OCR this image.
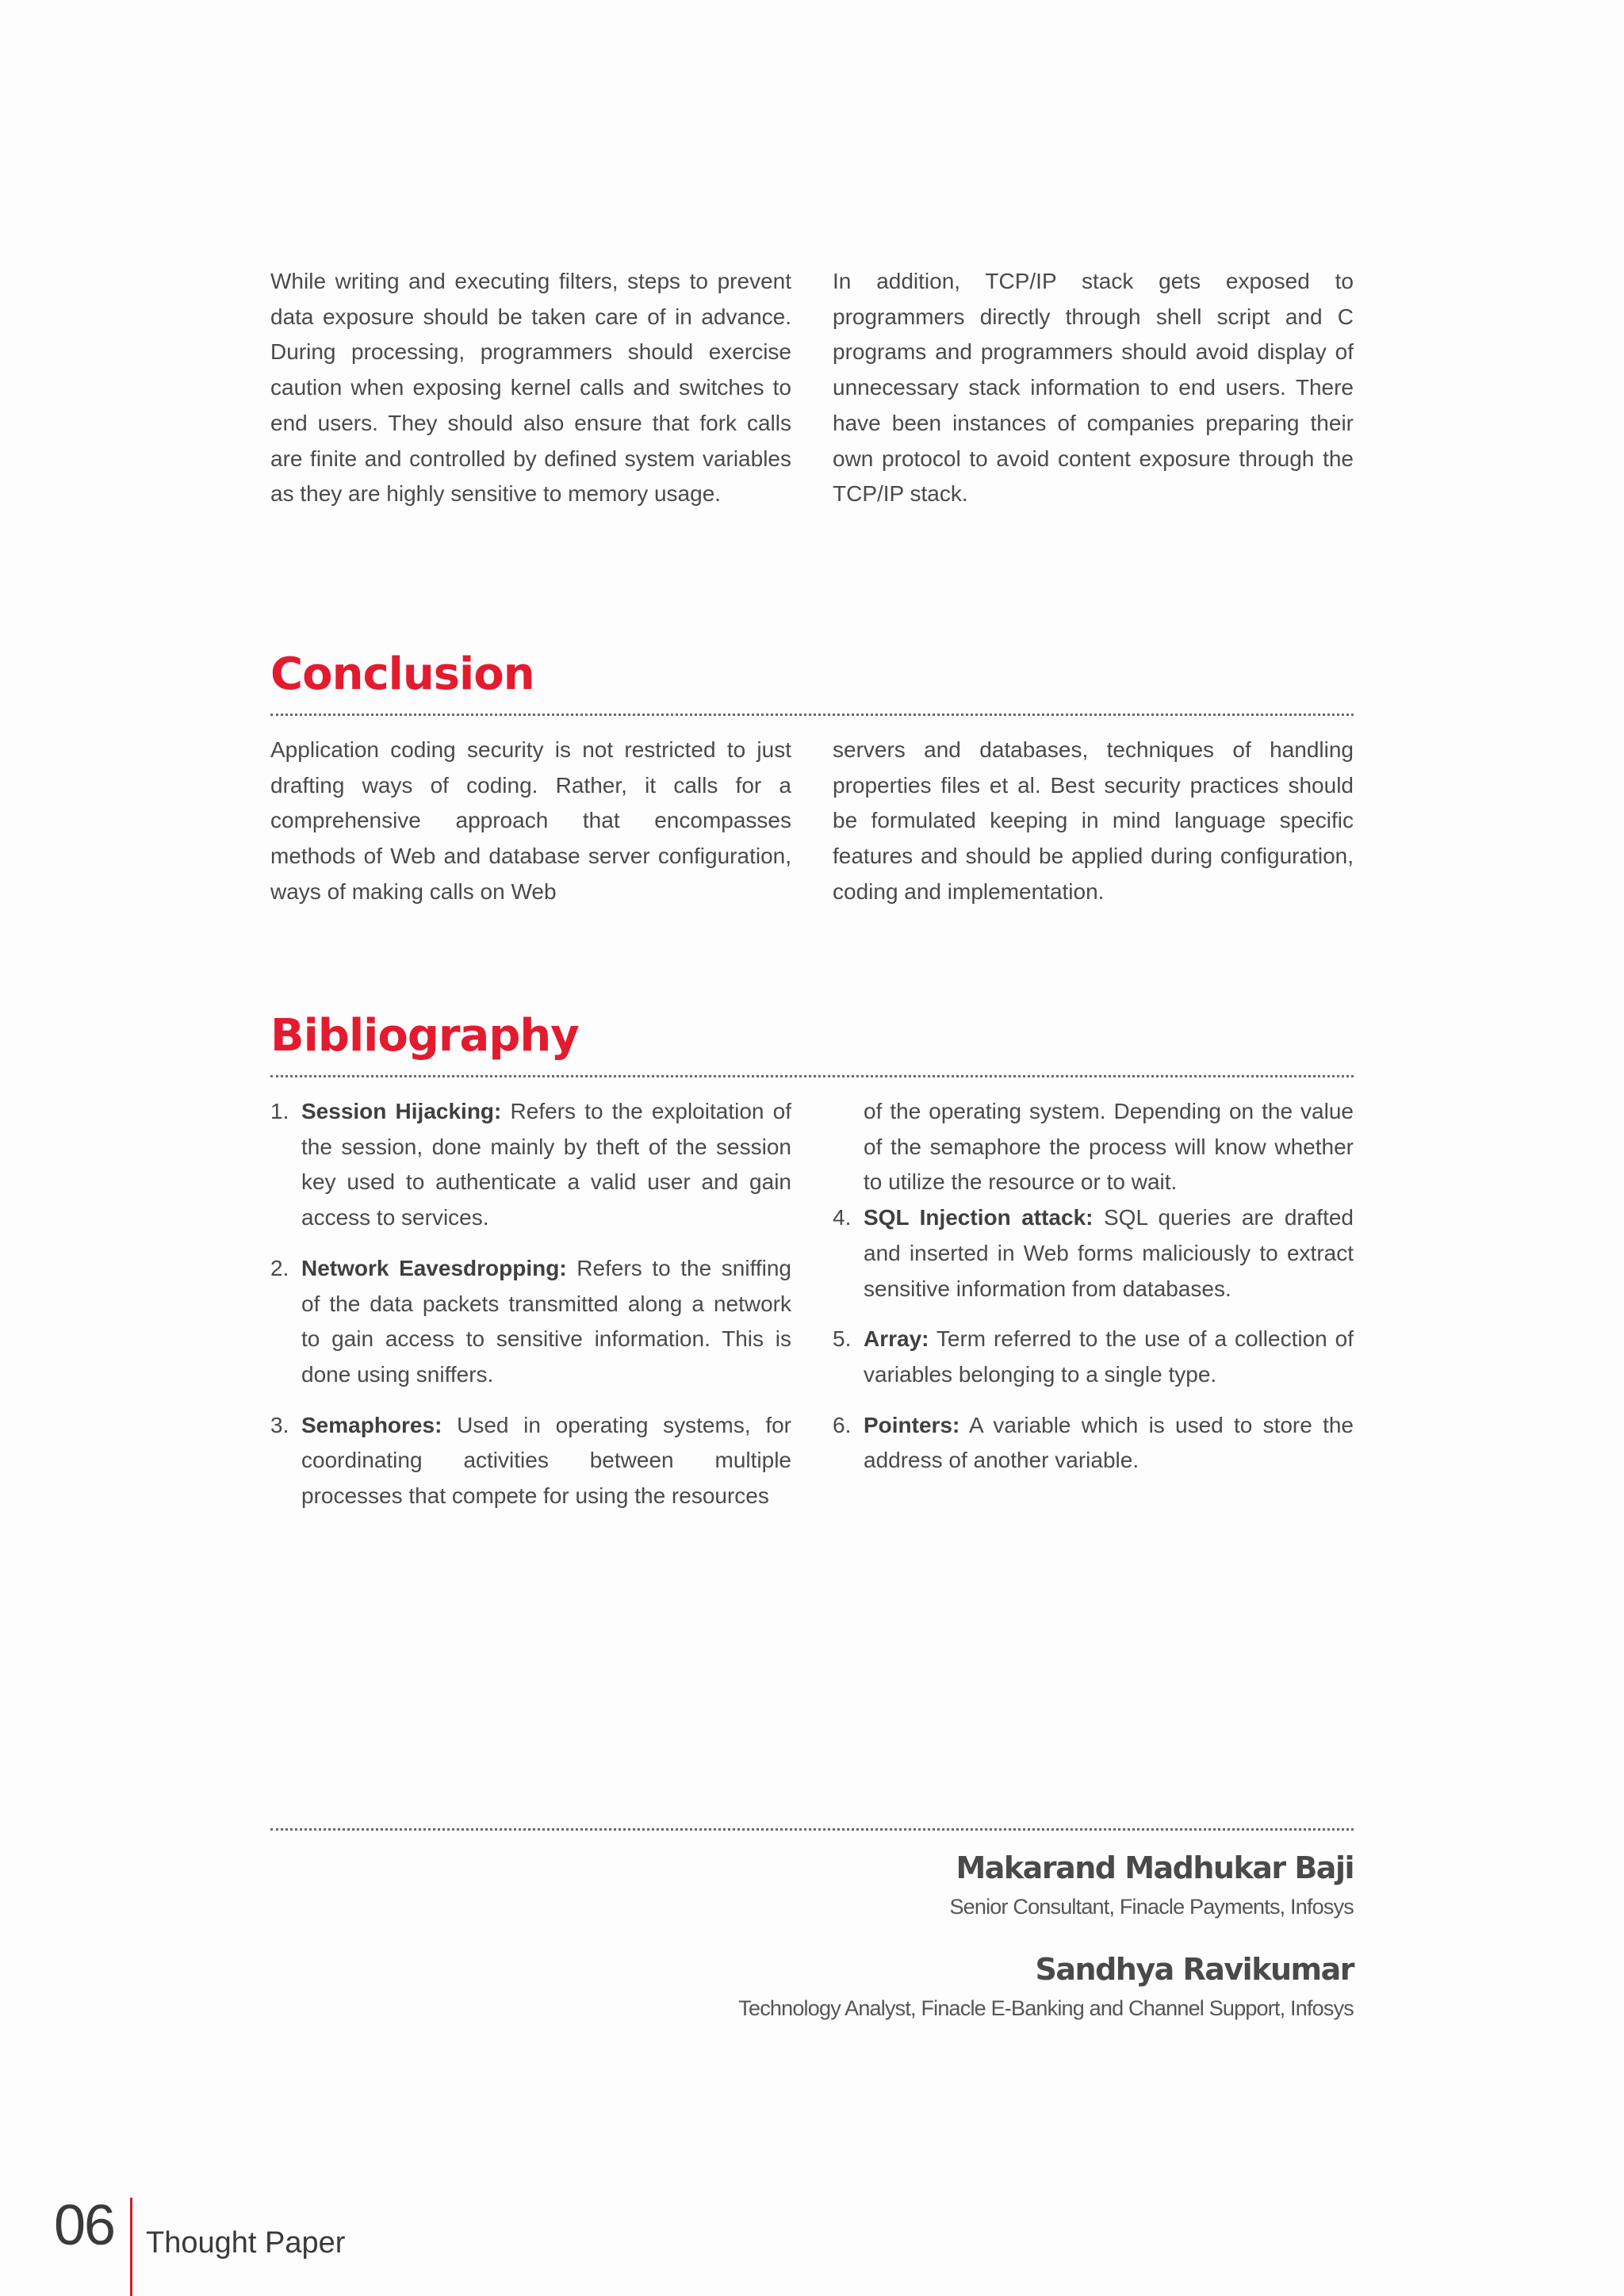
While writing and executing filters, steps to prevent data exposure should be taken care of in advance. During processing, programmers should exercise caution when exposing kernel calls and switches to end users. They should also ensure that fork calls are finite and controlled by defined system variables as they are highly sensitive to memory usage.

In addition, TCP/IP stack gets exposed to programmers directly through shell script and C programs and programmers should avoid display of unnecessary stack information to end users. There have been instances of companies preparing their own protocol to avoid content exposure through the TCP/IP stack.

Conclusion

Application coding security is not restricted to just drafting ways of coding. Rather, it calls for a comprehensive approach that encompasses methods of Web and database server configuration, ways of making calls on Web

servers and databases, techniques of handling properties files et al. Best security practices should be formulated keeping in mind language specific features and should be applied during configuration, coding and implementation.

Bibliography
1. Session Hijacking: Refers to the exploitation of the session, done mainly by theft of the session key used to authenticate a valid user and gain access to services.
2. Network Eavesdropping: Refers to the sniffing of the data packets transmitted along a network to gain access to sensitive information. This is done using sniffers.
3. Semaphores: Used in operating systems, for coordinating activities between multiple processes that compete for using the resources

of the operating system. Depending on the value of the semaphore the process will know whether to utilize the resource or to wait.

4. SQL Injection attack: SQL queries are drafted and inserted in Web forms maliciously to extract sensitive information from databases.
5. Array: Term referred to the use of a collection of variables belonging to a single type.
6. Pointers: A variable which is used to store the address of another variable.
Makarand Madhukar Baji
Senior Consultant, Finacle Payments, Infosys
Sandhya Ravikumar
Technology Analyst, Finacle E-Banking and Channel Support, Infosys
06 Thought Paper
